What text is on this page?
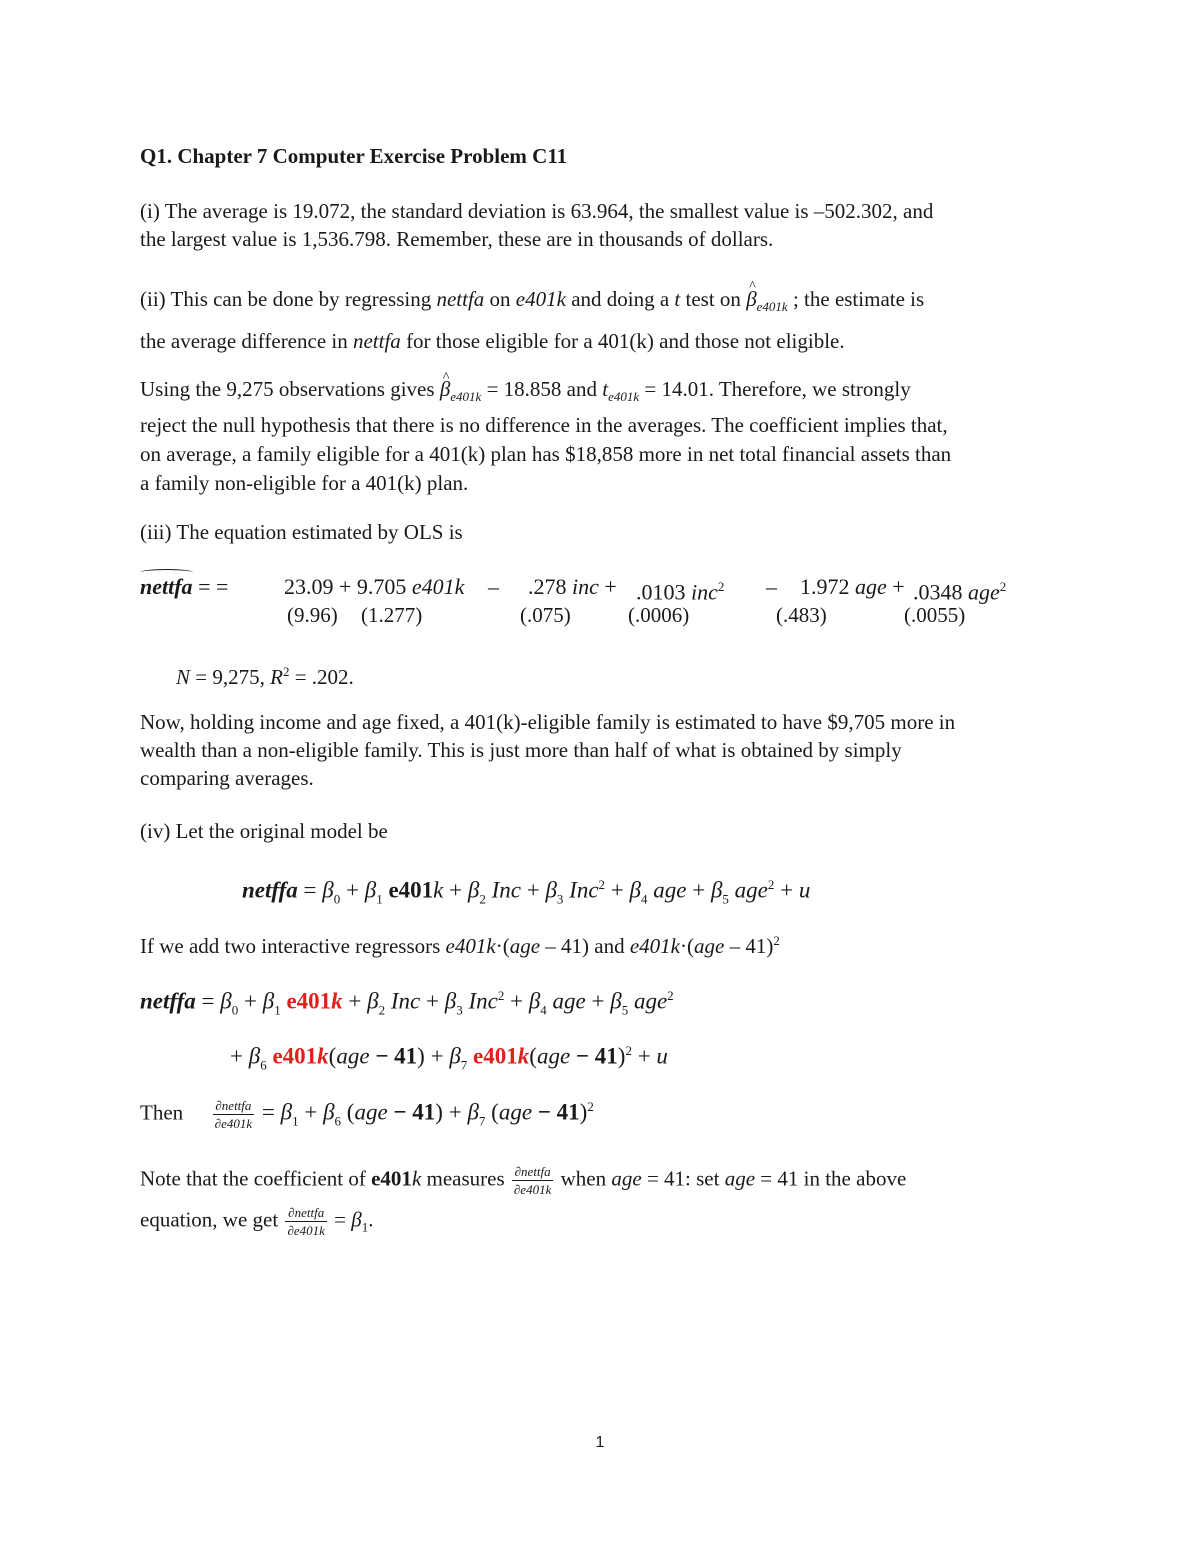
Q1. Chapter 7 Computer Exercise Problem C11

(i) The average is 19.072, the standard deviation is 63.964, the smallest value is –502.302, and
the largest value is 1,536.798. Remember, these are in thousands of dollars.

(ii) This can be done by regressing nettfa on e401k and doing a t test on ^ $\beta_{e401k}$ ; the estimate is
the average difference in nettfa for those eligible for a 401(k) and those not eligible.

Using the 9,275 observations gives ^ $\beta_{e401k} = 18.858$ and $t_{e401k} = 14.01$. Therefore, we strongly
reject the null hypothesis that there is no difference in the averages. The coefficient implies that,
on average, a family eligible for a 401(k) plan has $18,858 more in net total financial assets than
a family non-eligible for a 401(k) plan.

(iii) The equation estimated by OLS is

nettfa = =	23.09 + 9.705 e401k – .278 inc + .0103 inc$^2$ – 1.972 age + .0348 age$^2$
(9.96) (1.277)	(.075)	(.0006)	(.483)	(.0055)
N = 9,275, $R^2 = .202$.

Now, holding income and age fixed, a 401(k)-eligible family is estimated to have $9,705 more in
wealth than a non-eligible family. This is just more than half of what is obtained by simply
comparing averages.

(iv) Let the original model be

netffa = $\beta_0 + \beta_1$ $e401k + \beta_2$ Inc + $\beta_3$ $Inc^2 + \beta_4$ age + $\beta_5$ age$^2$ + u
If we add two interactive regressors e401k·(age – 41) and e401k·(age – 41)$^2$
netffa = $\beta_0 + \beta_1$ $e401k + \beta_2$ Inc + $\beta_3$ $Inc^2 + \beta_4$ age + $\beta_5$ age$^2$
+ $\beta_6$ $e401k(age - 41) + \beta_7$ e401k(age − 41)$^2$ + u
Then $\frac{\text{∂nettfa}}{\partial e401k} = \beta_1 + \beta_6$ $(age - 41) + \beta_7$ (age − 41)$^2$
Note that the coefficient of e401k measures $\frac{\text{∂nettfa}}{\partial e401k}$ when age = 41: set age = 41 in the above
equation, we get $\frac{\text{∂nettfa}}{\partial e401k} = \beta_1$.
1
